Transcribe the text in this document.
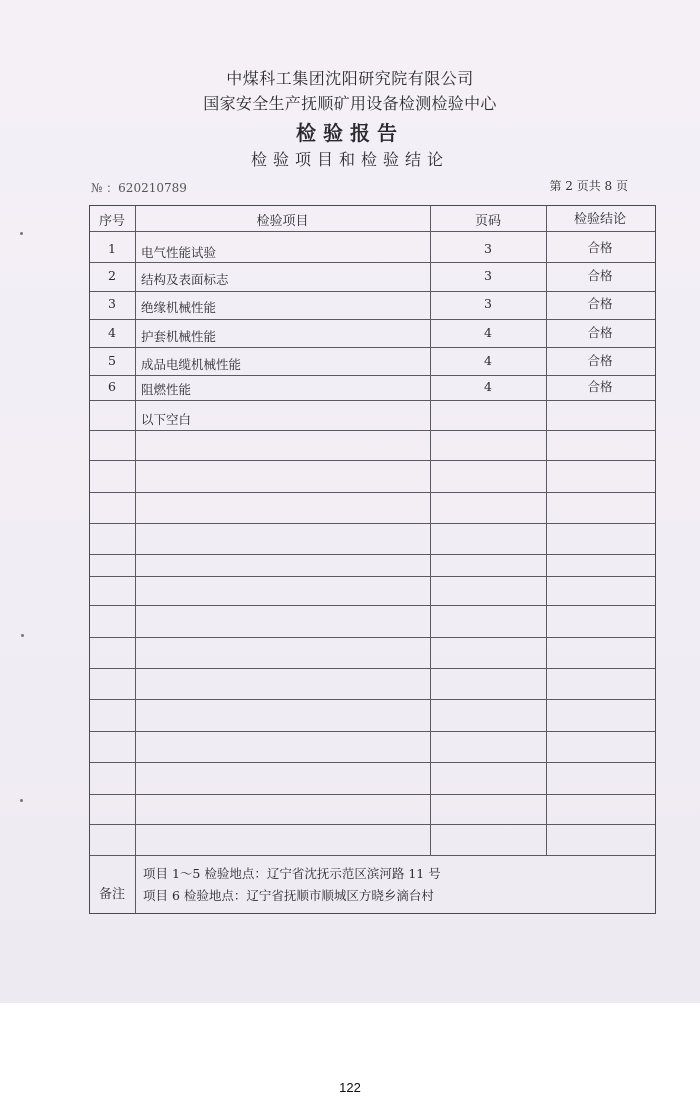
中煤科工集团沈阳研究院有限公司
国家安全生产抚顺矿用设备检测检验中心
检验报告
检验项目和检验结论
№ ：620210789	第 2 页共 8 页
序号	检验项目	页码	检验结论
1	电气性能试验	3	合格
2	结构及表面标志	3	合格
3	绝缘机械性能	3	合格
4	护套机械性能	4	合格
5	成品电缆机械性能	4	合格
6	阻燃性能	4	合格
以下空白
备注
项目 1～5 检验地点：辽宁省沈抚示范区滨河路 11 号
项目 6 检验地点：辽宁省抚顺市顺城区方晓乡滴台村
122
